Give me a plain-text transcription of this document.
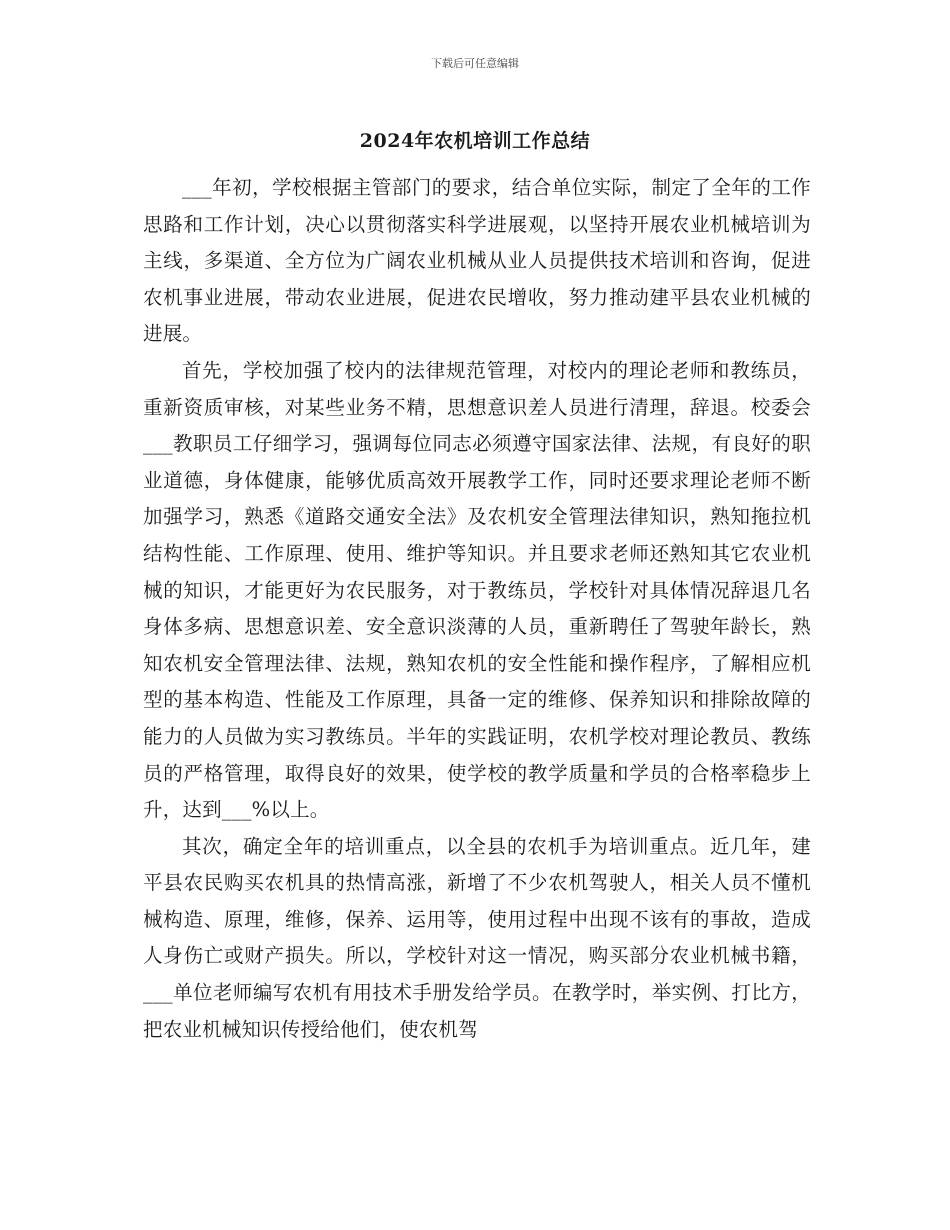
下载后可任意编辑
2024年农机培训工作总结

___年初，学校根据主管部门的要求，结合单位实际，制定了全年的工作思路和工作计划，决心以贯彻落实科学进展观，以坚持开展农业机械培训为主线，多渠道、全方位为广阔农业机械从业人员提供技术培训和咨询，促进农机事业进展，带动农业进展，促进农民增收，努力推动建平县农业机械的进展。

首先，学校加强了校内的法律规范管理，对校内的理论老师和教练员，重新资质审核，对某些业务不精，思想意识差人员进行清理，辞退。校委会___教职员工仔细学习，强调每位同志必须遵守国家法律、法规，有良好的职业道德，身体健康，能够优质高效开展教学工作，同时还要求理论老师不断加强学习，熟悉《道路交通安全法》及农机安全管理法律知识，熟知拖拉机结构性能、工作原理、使用、维护等知识。并且要求老师还熟知其它农业机械的知识，才能更好为农民服务，对于教练员，学校针对具体情况辞退几名身体多病、思想意识差、安全意识淡薄的人员，重新聘任了驾驶年龄长，熟知农机安全管理法律、法规，熟知农机的安全性能和操作程序，了解相应机型的基本构造、性能及工作原理，具备一定的维修、保养知识和排除故障的能力的人员做为实习教练员。半年的实践证明，农机学校对理论教员、教练员的严格管理，取得良好的效果，使学校的教学质量和学员的合格率稳步上升，达到___%以上。

其次，确定全年的培训重点，以全县的农机手为培训重点。近几年，建平县农民购买农机具的热情高涨，新增了不少农机驾驶人，相关人员不懂机械构造、原理，维修，保养、运用等，使用过程中出现不该有的事故，造成人身伤亡或财产损失。所以，学校针对这一情况，购买部分农业机械书籍，___单位老师编写农机有用技术手册发给学员。在教学时，举实例、打比方，把农业机械知识传授给他们，使农机驾
